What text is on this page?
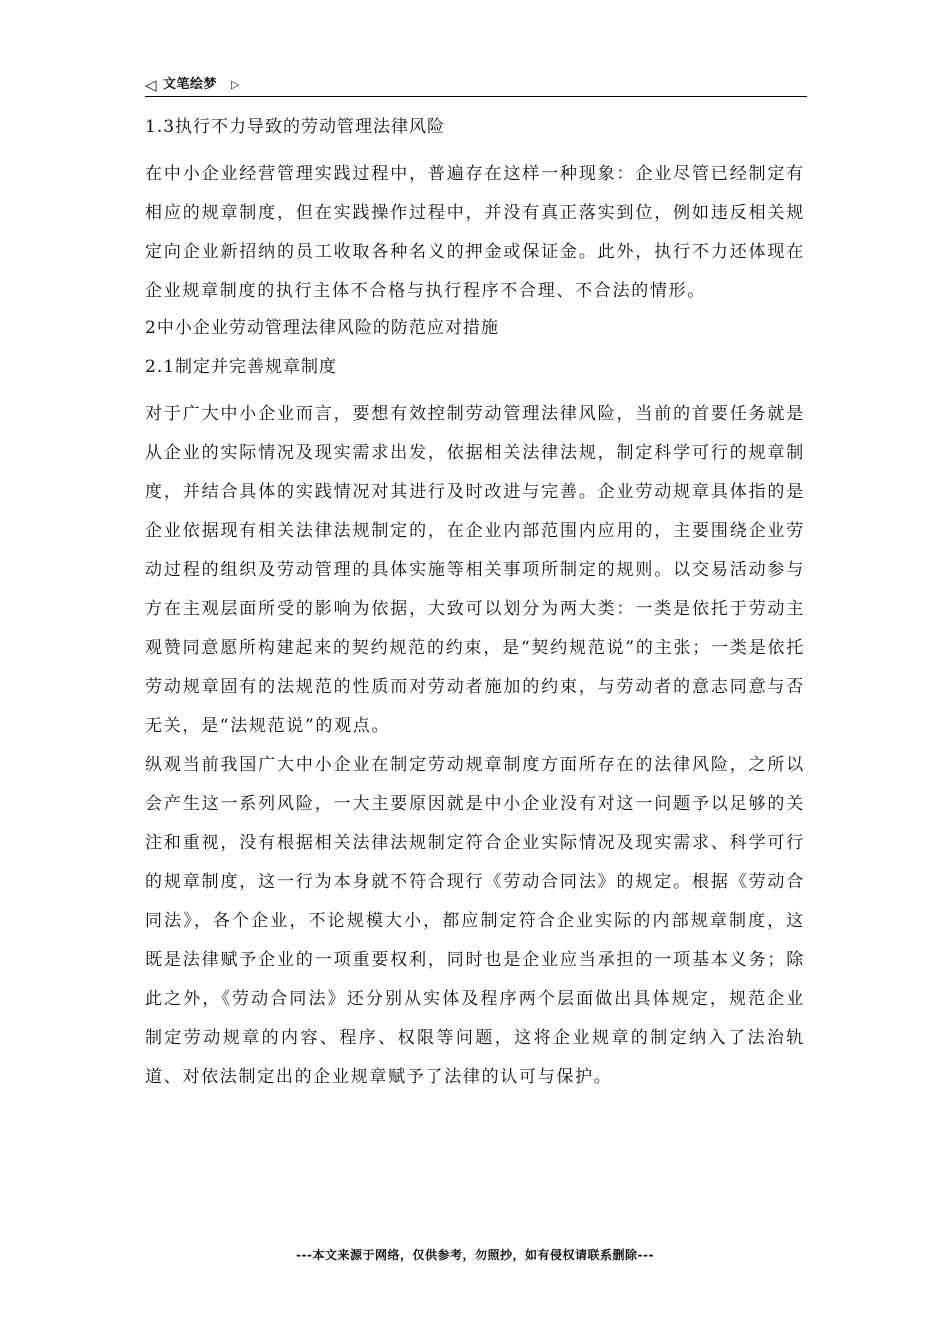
◁ 文笔绘梦 ▷
1.3执行不力导致的劳动管理法律风险

在中小企业经营管理实践过程中，普遍存在这样一种现象：企业尽管已经制定有相应的规章制度，但在实践操作过程中，并没有真正落实到位，例如违反相关规定向企业新招纳的员工收取各种名义的押金或保证金。此外，执行不力还体现在企业规章制度的执行主体不合格与执行程序不合理、不合法的情形。

2中小企业劳动管理法律风险的防范应对措施
2.1制定并完善规章制度

对于广大中小企业而言，要想有效控制劳动管理法律风险，当前的首要任务就是从企业的实际情况及现实需求出发，依据相关法律法规，制定科学可行的规章制度，并结合具体的实践情况对其进行及时改进与完善。企业劳动规章具体指的是企业依据现有相关法律法规制定的，在企业内部范围内应用的，主要围绕企业劳动过程的组织及劳动管理的具体实施等相关事项所制定的规则。以交易活动参与方在主观层面所受的影响为依据，大致可以划分为两大类：一类是依托于劳动主观赞同意愿所构建起来的契约规范的约束，是“契约规范说”的主张；一类是依托劳动规章固有的法规范的性质而对劳动者施加的约束，与劳动者的意志同意与否无关，是“法规范说”的观点。

纵观当前我国广大中小企业在制定劳动规章制度方面所存在的法律风险，之所以会产生这一系列风险，一大主要原因就是中小企业没有对这一问题予以足够的关注和重视，没有根据相关法律法规制定符合企业实际情况及现实需求、科学可行的规章制度，这一行为本身就不符合现行《劳动合同法》的规定。根据《劳动合同法》，各个企业，不论规模大小，都应制定符合企业实际的内部规章制度，这既是法律赋予企业的一项重要权利，同时也是企业应当承担的一项基本义务；除此之外，《劳动合同法》还分别从实体及程序两个层面做出具体规定，规范企业制定劳动规章的内容、程序、权限等问题，这将企业规章的制定纳入了法治轨道、对依法制定出的企业规章赋予了法律的认可与保护。

---本文来源于网络，仅供参考，勿照抄，如有侵权请联系删除---
